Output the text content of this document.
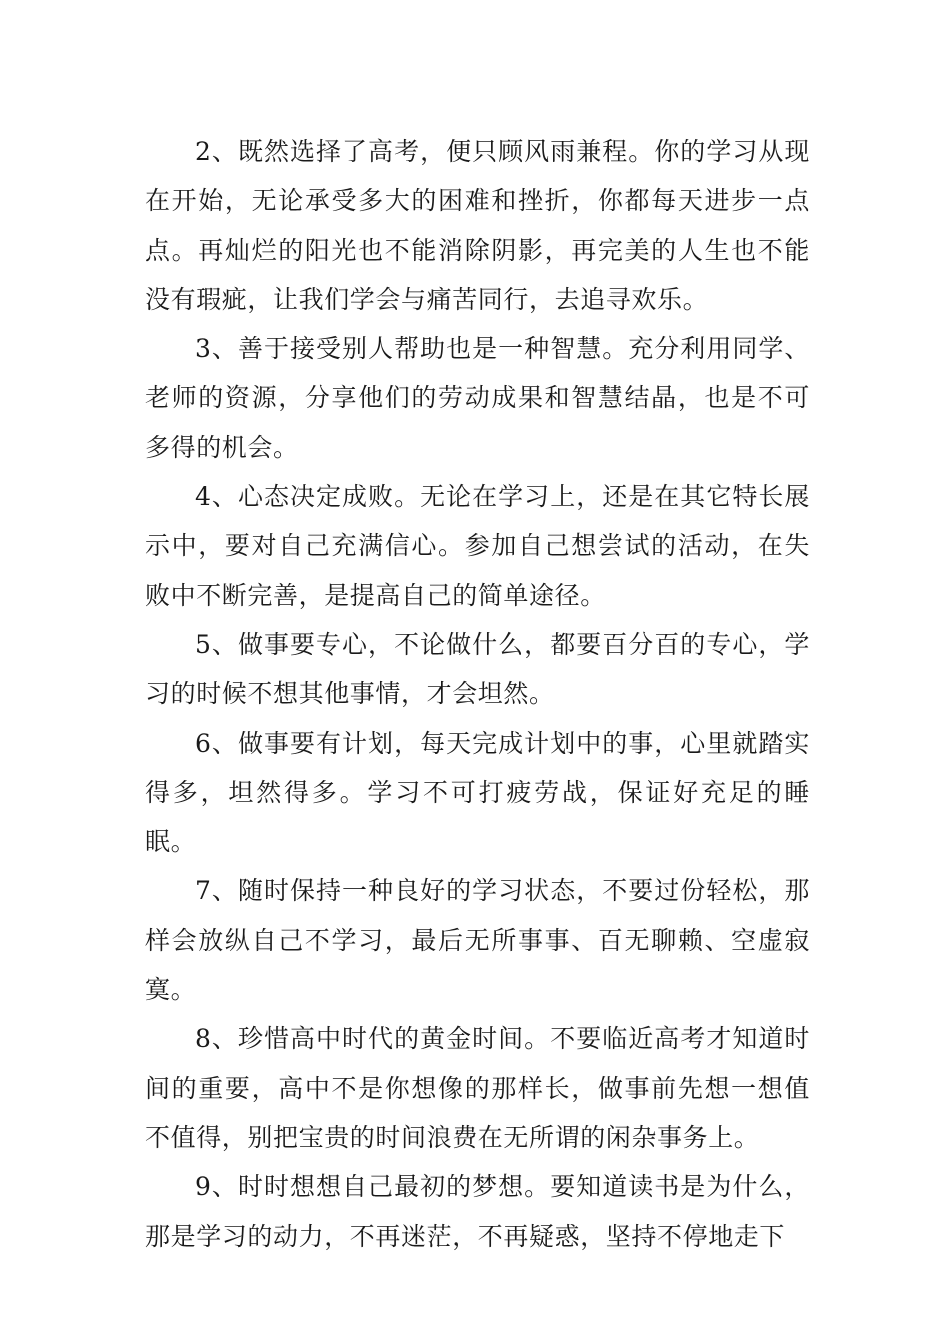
2、既然选择了高考，便只顾风雨兼程。你的学习从现在开始，无论承受多大的困难和挫折，你都每天进步一点点。再灿烂的阳光也不能消除阴影，再完美的人生也不能没有瑕疵，让我们学会与痛苦同行，去追寻欢乐。

3、善于接受别人帮助也是一种智慧。充分利用同学、老师的资源，分享他们的劳动成果和智慧结晶，也是不可多得的机会。

4、心态决定成败。无论在学习上，还是在其它特长展示中，要对自己充满信心。参加自己想尝试的活动，在失败中不断完善，是提高自己的简单途径。

5、做事要专心，不论做什么，都要百分百的专心，学习的时候不想其他事情，才会坦然。

6、做事要有计划，每天完成计划中的事，心里就踏实得多，坦然得多。学习不可打疲劳战，保证好充足的睡眠。

7、随时保持一种良好的学习状态，不要过份轻松，那样会放纵自己不学习，最后无所事事、百无聊赖、空虚寂寞。

8、珍惜高中时代的黄金时间。不要临近高考才知道时间的重要，高中不是你想像的那样长，做事前先想一想值不值得，别把宝贵的时间浪费在无所谓的闲杂事务上。

9、时时想想自己最初的梦想。要知道读书是为什么，那是学习的动力，不再迷茫，不再疑惑，坚持不停地走下
